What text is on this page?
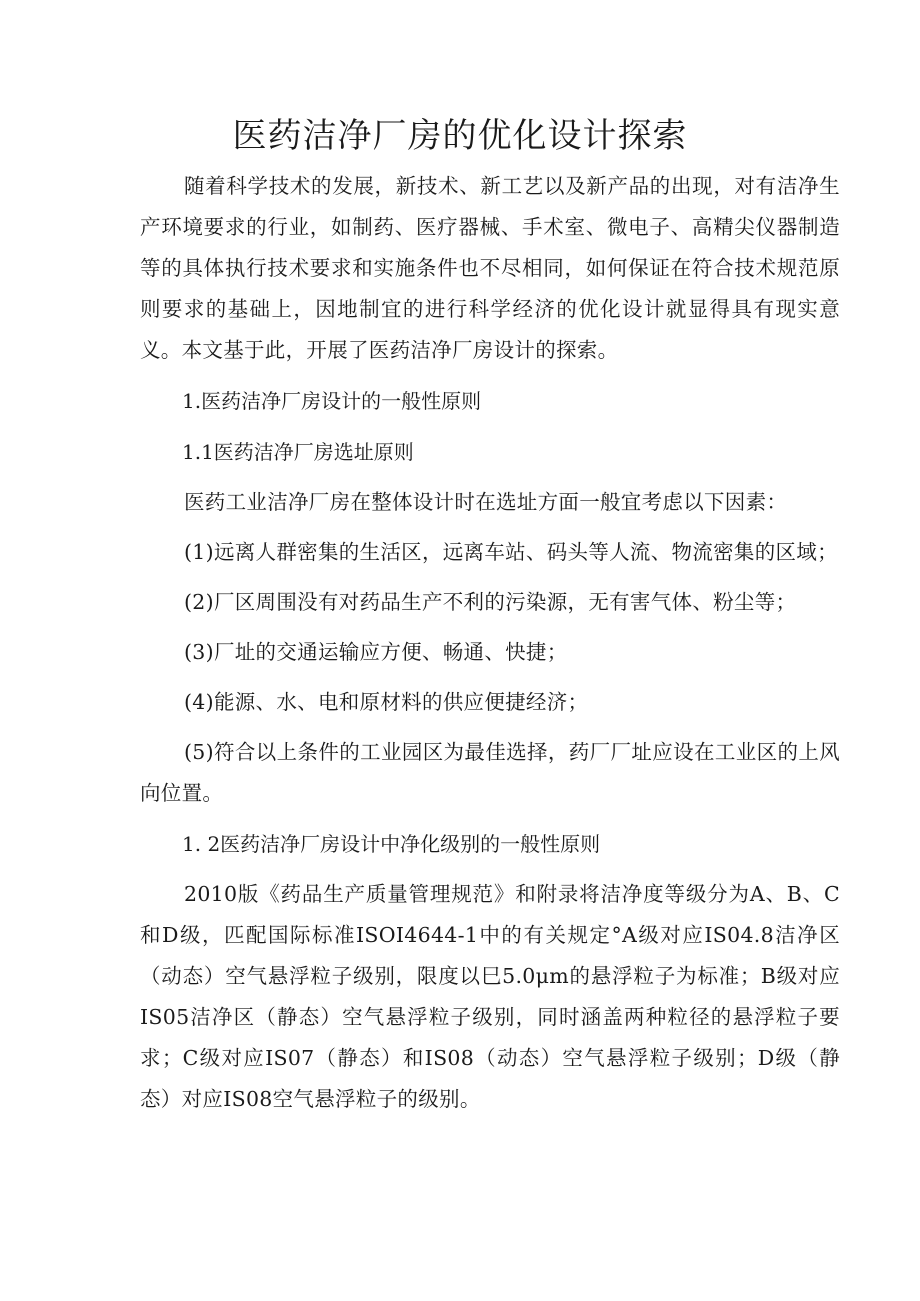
医药洁净厂房的优化设计探索

随着科学技术的发展，新技术、新工艺以及新产品的出现，对有洁净生产环境要求的行业，如制药、医疗器械、手术室、微电子、高精尖仪器制造等的具体执行技术要求和实施条件也不尽相同，如何保证在符合技术规范原则要求的基础上，因地制宜的进行科学经济的优化设计就显得具有现实意义。本文基于此，开展了医药洁净厂房设计的探索。

1.医药洁净厂房设计的一般性原则

1.1医药洁净厂房选址原则

医药工业洁净厂房在整体设计时在选址方面一般宜考虑以下因素：

(1)远离人群密集的生活区，远离车站、码头等人流、物流密集的区域；

(2)厂区周围没有对药品生产不利的污染源，无有害气体、粉尘等；

(3)厂址的交通运输应方便、畅通、快捷；

(4)能源、水、电和原材料的供应便捷经济；

(5)符合以上条件的工业园区为最佳选择，药厂厂址应设在工业区的上风向位置。

1. 2医药洁净厂房设计中净化级别的一般性原则

2010版《药品生产质量管理规范》和附录将洁净度等级分为A、B、C和D级，匹配国际标准ISOI4644-1中的有关规定°A级对应IS04.8洁净区（动态）空气悬浮粒子级别，限度以巳5.0μm的悬浮粒子为标准；B级对应IS05洁净区（静态）空气悬浮粒子级别，同时涵盖两种粒径的悬浮粒子要求；C级对应IS07（静态）和IS08（动态）空气悬浮粒子级别；D级（静态）对应IS08空气悬浮粒子的级别。
